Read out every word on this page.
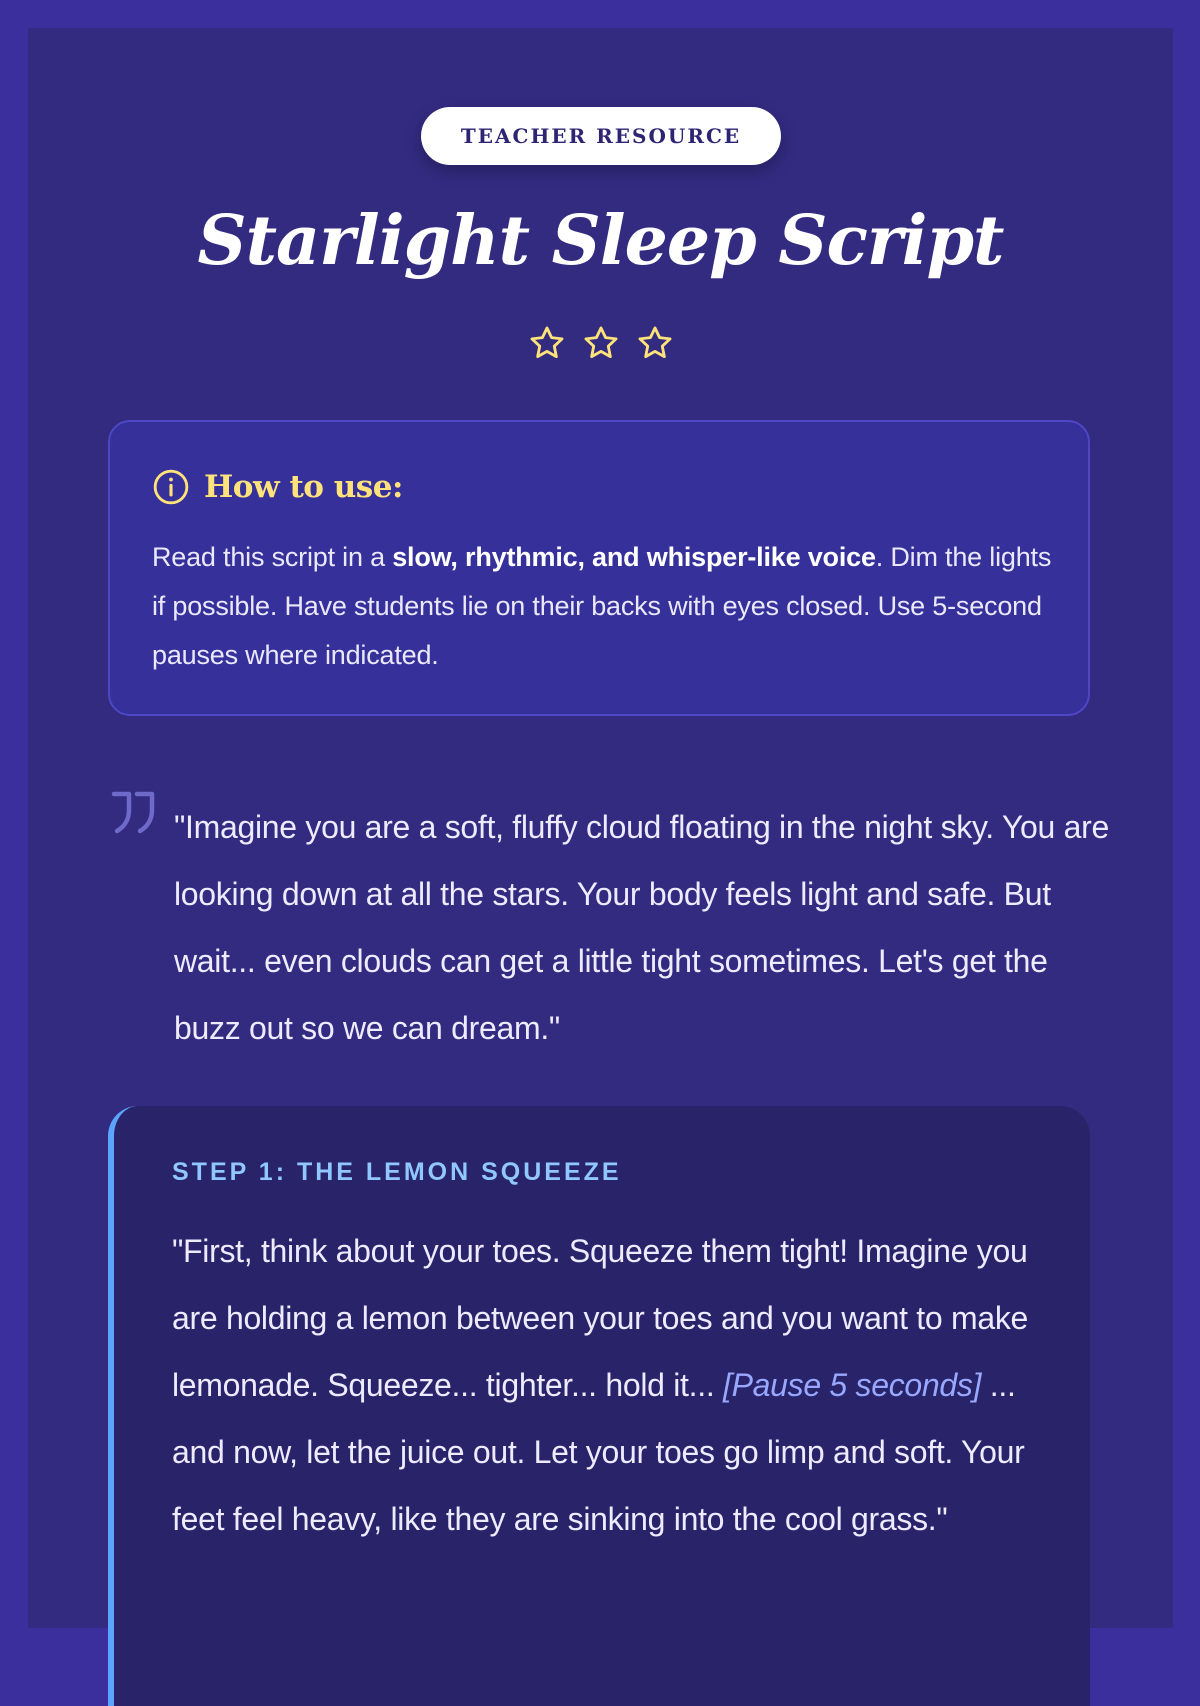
TEACHER RESOURCE
Starlight Sleep Script
How to use:
Read this script in a slow, rhythmic, and whisper-like voice. Dim the lights if possible. Have students lie on their backs with eyes closed. Use 5-second pauses where indicated.
"Imagine you are a soft, fluffy cloud floating in the night sky. You are looking down at all the stars. Your body feels light and safe. But wait... even clouds can get a little tight sometimes. Let's get the buzz out so we can dream."
STEP 1: THE LEMON SQUEEZE
"First, think about your toes. Squeeze them tight! Imagine you are holding a lemon between your toes and you want to make lemonade. Squeeze... tighter... hold it... [Pause 5 seconds] ... and now, let the juice out. Let your toes go limp and soft. Your feet feel heavy, like they are sinking into the cool grass."
